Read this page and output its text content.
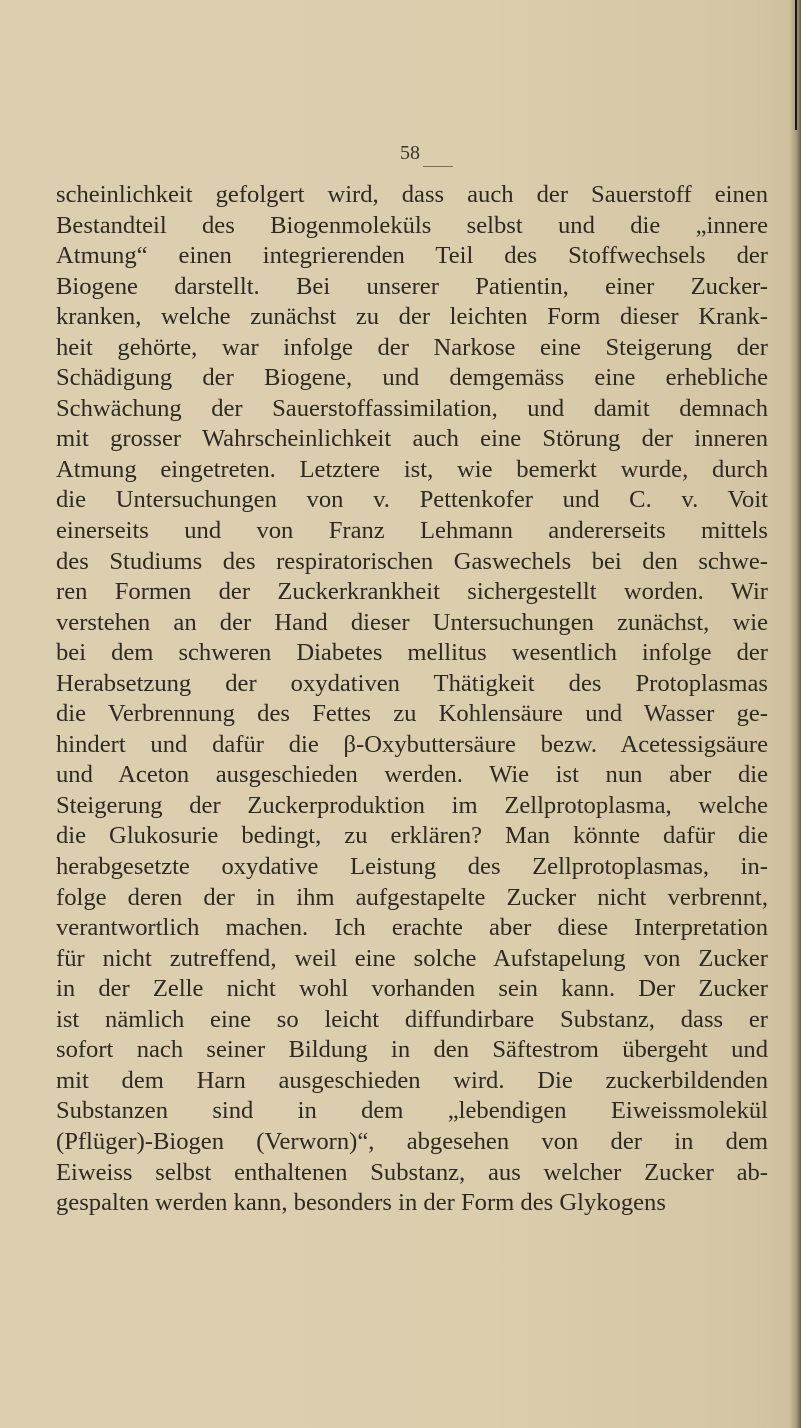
58
scheinlichkeit gefolgert wird, dass auch der Sauerstoff einen
Bestandteil des Biogenmoleküls selbst und die „innere
Atmung“ einen integrierenden Teil des Stoffwechsels der
Biogene darstellt. Bei unserer Patientin, einer Zucker-
kranken, welche zunächst zu der leichten Form dieser Krank-
heit gehörte, war infolge der Narkose eine Steigerung der
Schädigung der Biogene, und demgemäss eine erhebliche
Schwächung der Sauerstoffassimilation, und damit demnach
mit grosser Wahrscheinlichkeit auch eine Störung der inneren
Atmung eingetreten. Letztere ist, wie bemerkt wurde, durch
die Untersuchungen von v. Pettenkofer und C. v. Voit
einerseits und von Franz Lehmann andererseits mittels
des Studiums des respiratorischen Gaswechels bei den schwe-
ren Formen der Zuckerkrankheit sichergestellt worden. Wir
verstehen an der Hand dieser Untersuchungen zunächst, wie
bei dem schweren Diabetes mellitus wesentlich infolge der
Herabsetzung der oxydativen Thätigkeit des Protoplasmas
die Verbrennung des Fettes zu Kohlensäure und Wasser ge-
hindert und dafür die β-Oxybuttersäure bezw. Acetessigsäure
und Aceton ausgeschieden werden. Wie ist nun aber die
Steigerung der Zuckerproduktion im Zellprotoplasma, welche
die Glukosurie bedingt, zu erklären? Man könnte dafür die
herabgesetzte oxydative Leistung des Zellprotoplasmas, in-
folge deren der in ihm aufgestapelte Zucker nicht verbrennt,
verantwortlich machen. Ich erachte aber diese Interpretation
für nicht zutreffend, weil eine solche Aufstapelung von Zucker
in der Zelle nicht wohl vorhanden sein kann. Der Zucker
ist nämlich eine so leicht diffundirbare Substanz, dass er
sofort nach seiner Bildung in den Säftestrom übergeht und
mit dem Harn ausgeschieden wird. Die zuckerbildenden
Substanzen sind in dem „lebendigen Eiweissmolekül
(Pflüger)-Biogen (Verworn)“, abgesehen von der in dem
Eiweiss selbst enthaltenen Substanz, aus welcher Zucker ab-
gespalten werden kann, besonders in der Form des Glykogens
